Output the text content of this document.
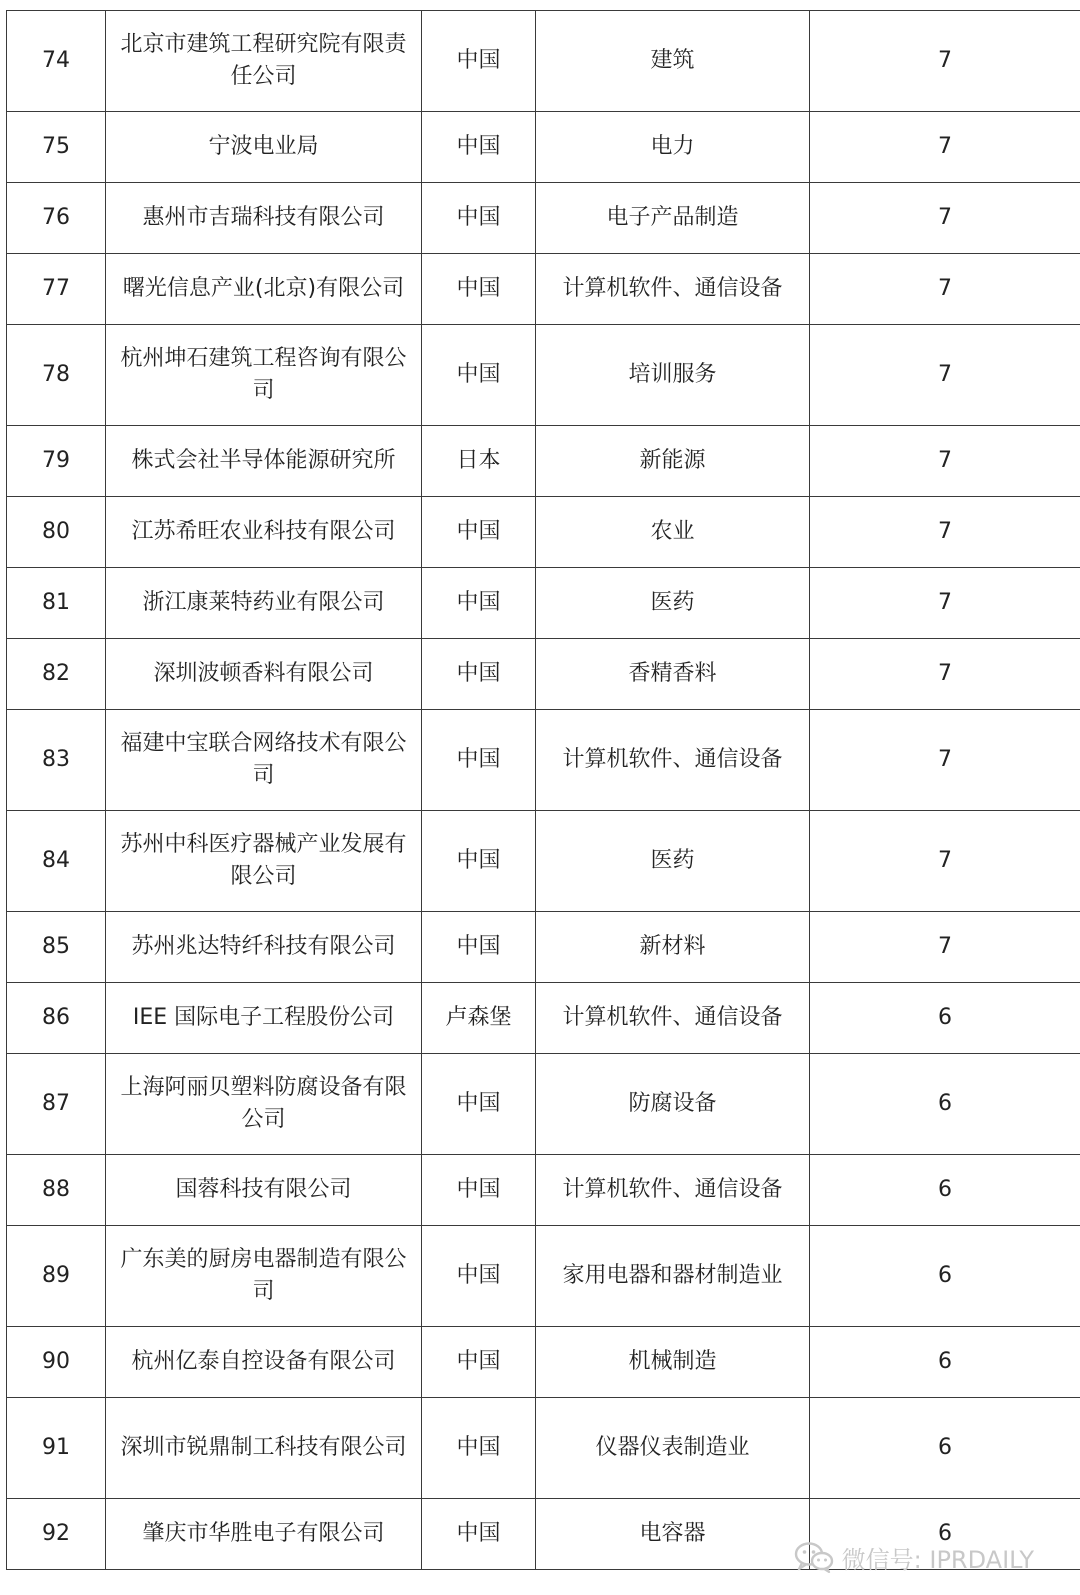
74	北京市建筑工程研究院有限责任公司	中国	建筑	7
75	宁波电业局	中国	电力	7
76	惠州市吉瑞科技有限公司	中国	电子产品制造	7
77	曙光信息产业(北京)有限公司	中国	计算机软件、通信设备	7
78	杭州坤石建筑工程咨询有限公司	中国	培训服务	7
79	株式会社半导体能源研究所	日本	新能源	7
80	江苏希旺农业科技有限公司	中国	农业	7
81	浙江康莱特药业有限公司	中国	医药	7
82	深圳波顿香料有限公司	中国	香精香料	7
83	福建中宝联合网络技术有限公司	中国	计算机软件、通信设备	7
84	苏州中科医疗器械产业发展有限公司	中国	医药	7
85	苏州兆达特纤科技有限公司	中国	新材料	7
86	IEE 国际电子工程股份公司	卢森堡	计算机软件、通信设备	6
87	上海阿丽贝塑料防腐设备有限公司	中国	防腐设备	6
88	国蓉科技有限公司	中国	计算机软件、通信设备	6
89	广东美的厨房电器制造有限公司	中国	家用电器和器材制造业	6
90	杭州亿泰自控设备有限公司	中国	机械制造	6
91	深圳市锐鼎制工科技有限公司	中国	仪器仪表制造业	6
92	肇庆市华胜电子有限公司	中国	电容器	6
微信号: IPRDAILY
